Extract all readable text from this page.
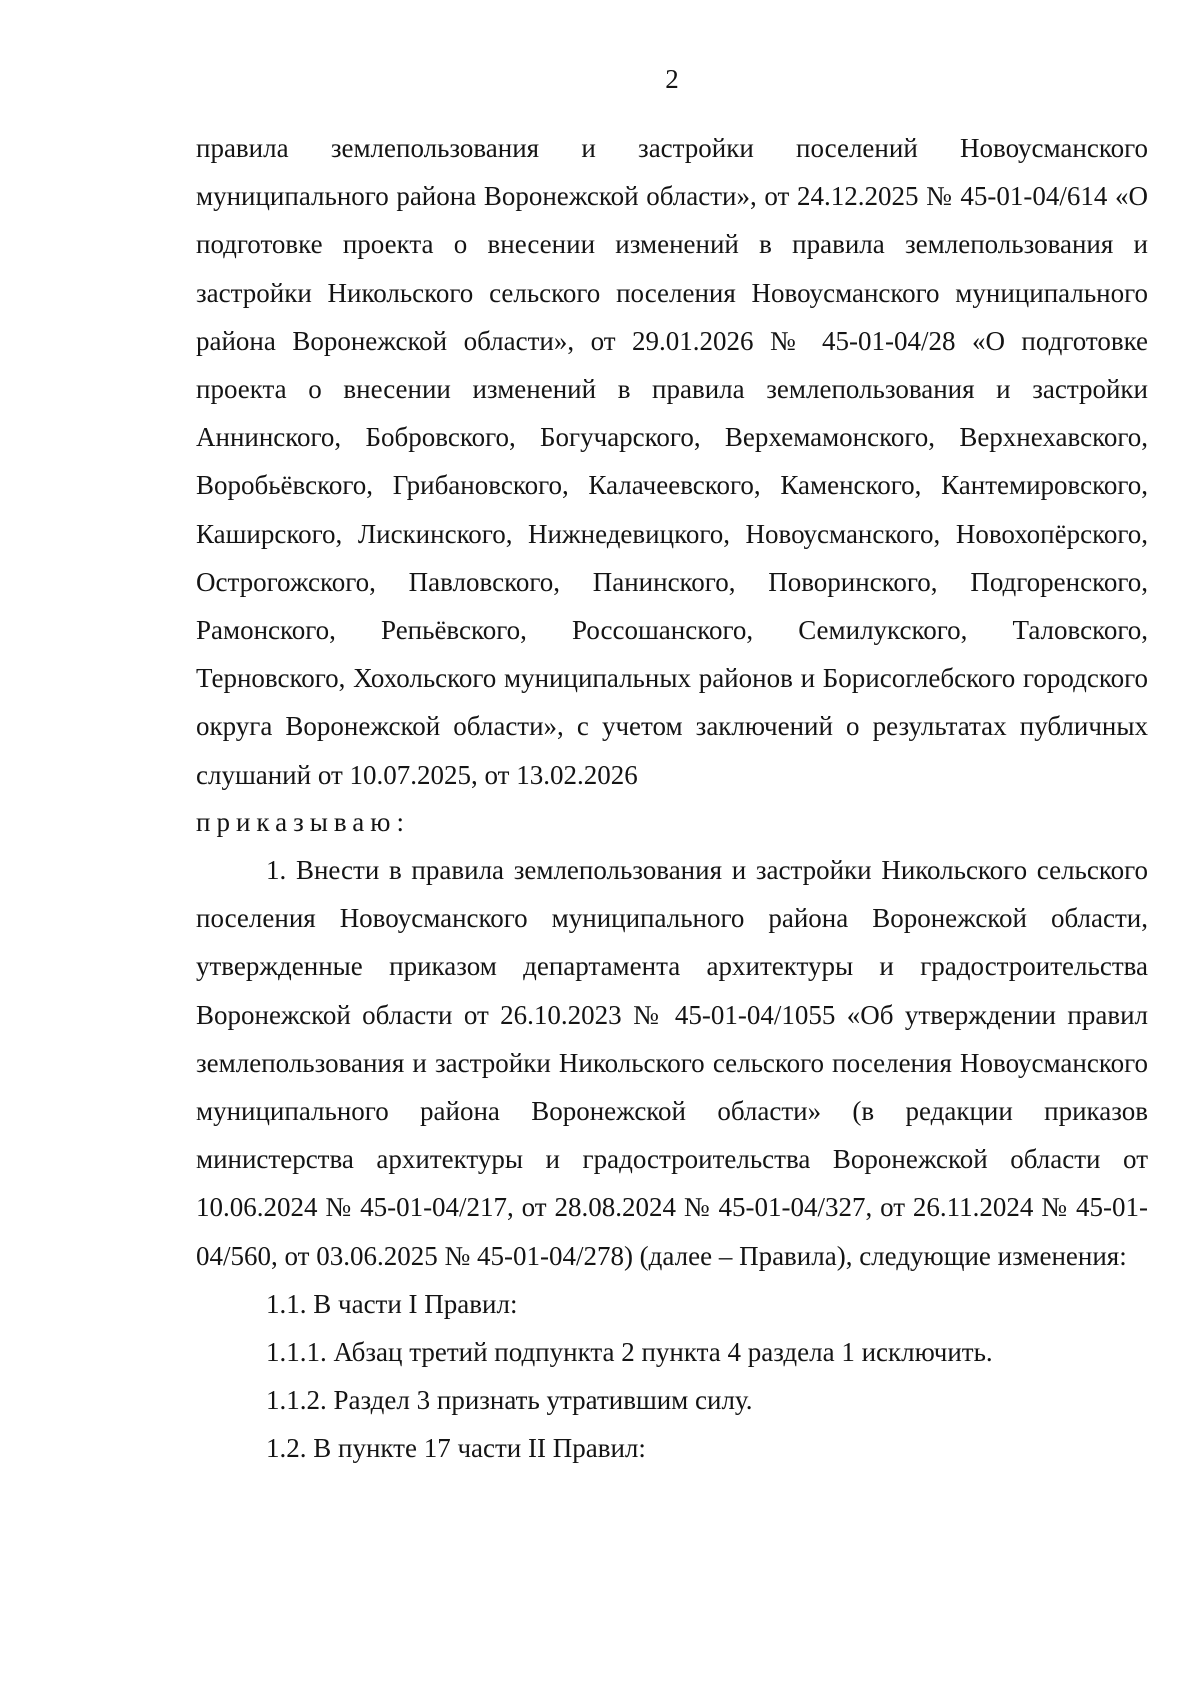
2

правила землепользования и застройки поселений Новоусманского муниципального района Воронежской области», от 24.12.2025 № 45-01-04/614 «О подготовке проекта о внесении изменений в правила землепользования и застройки Никольского сельского поселения Новоусманского муниципального района Воронежской области», от 29.01.2026 № 45-01-04/28 «О подготовке проекта о внесении изменений в правила землепользования и застройки Аннинского, Бобровского, Богучарского, Верхемамонского, Верхнехавского, Воробьёвского, Грибановского, Калачеевского, Каменского, Кантемировского, Каширского, Лискинского, Нижнедевицкого, Новоусманского, Новохопёрского, Острогожского, Павловского, Панинского, Поворинского, Подгоренского, Рамонского, Репьёвского, Россошанского, Семилукского, Таловского, Терновского, Хохольского муниципальных районов и Борисоглебского городского округа Воронежской области», с учетом заключений о результатах публичных слушаний от 10.07.2025, от 13.02.2026

приказываю:

1. Внести в правила землепользования и застройки Никольского сельского поселения Новоусманского муниципального района Воронежской области, утвержденные приказом департамента архитектуры и градостроительства Воронежской области от 26.10.2023 № 45-01-04/1055 «Об утверждении правил землепользования и застройки Никольского сельского поселения Новоусманского муниципального района Воронежской области» (в редакции приказов министерства архитектуры и градостроительства Воронежской области от 10.06.2024 № 45-01-04/217, от 28.08.2024 № 45-01-04/327, от 26.11.2024 № 45-01-04/560, от 03.06.2025 № 45-01-04/278) (далее – Правила), следующие изменения:

1.1. В части I Правил:

1.1.1. Абзац третий подпункта 2 пункта 4 раздела 1 исключить.

1.1.2. Раздел 3 признать утратившим силу.

1.2. В пункте 17 части II Правил:
